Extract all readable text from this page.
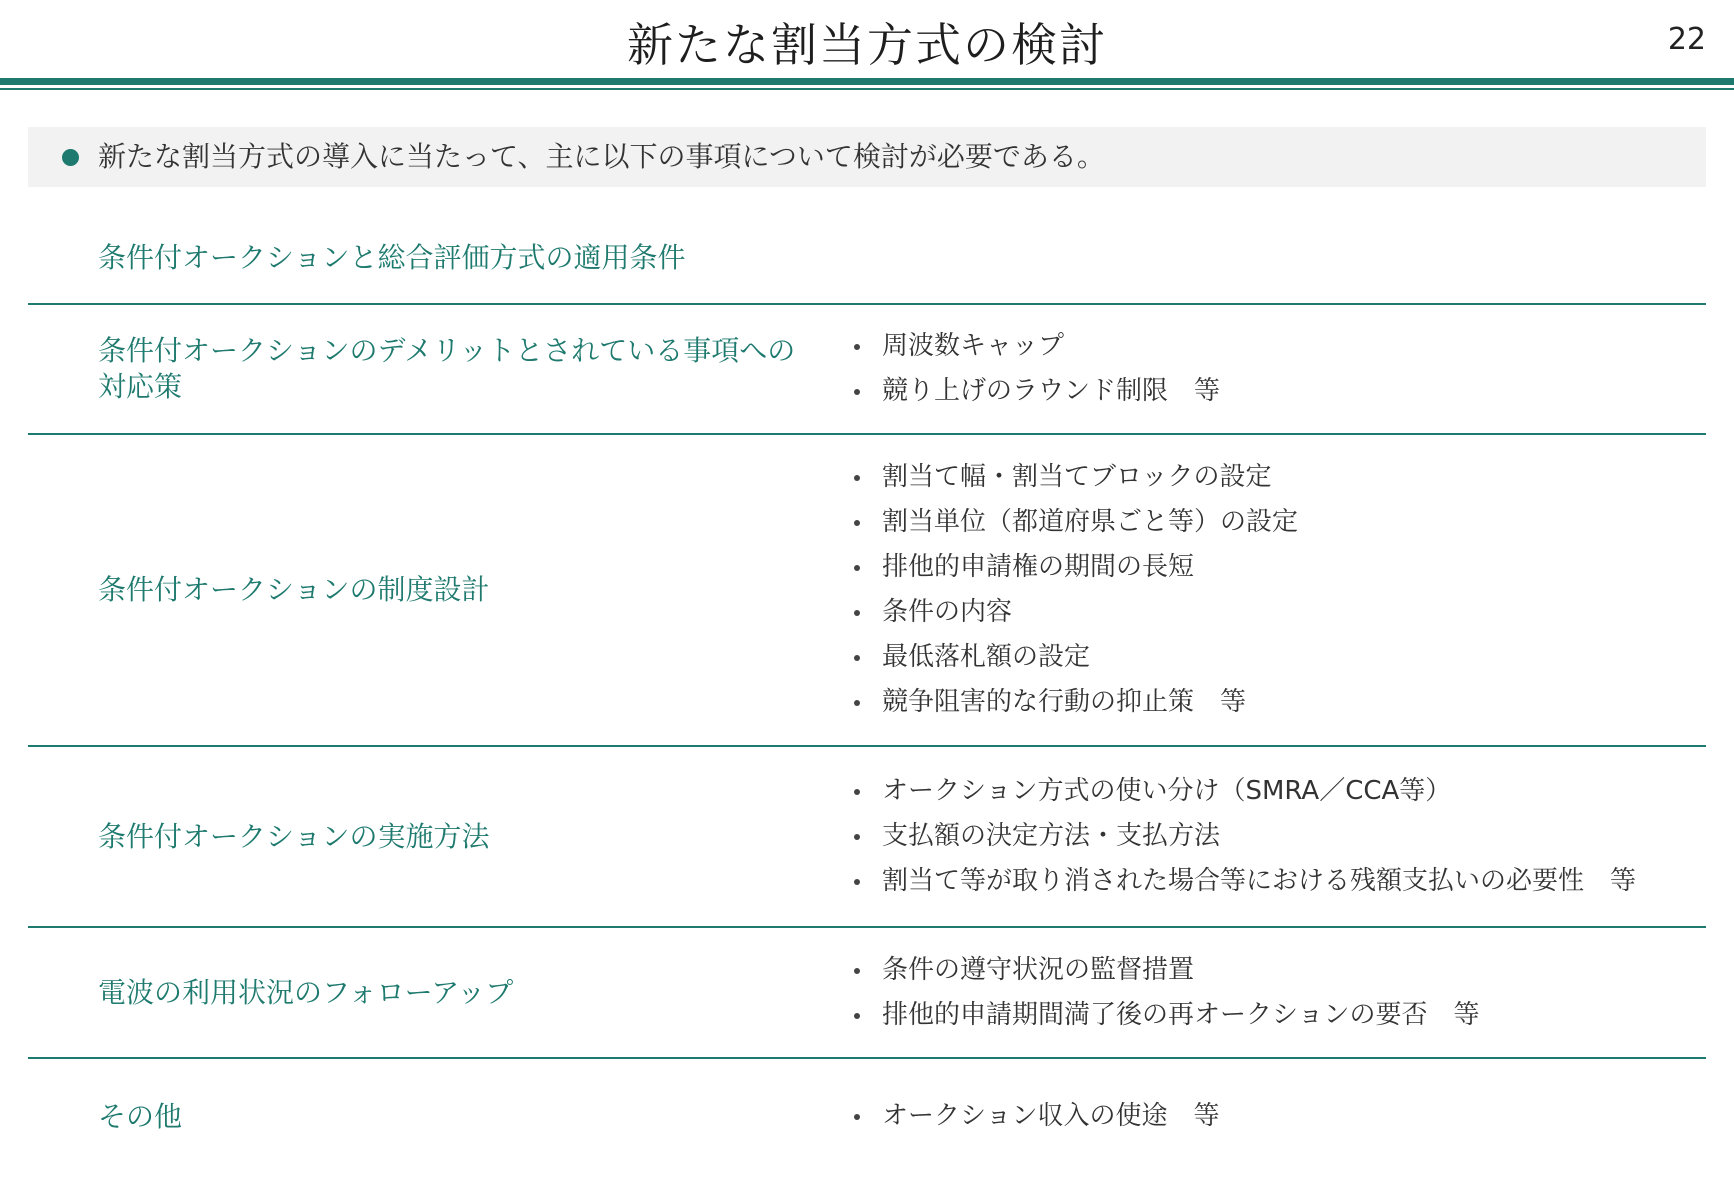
新たな割当方式の検討	22
新たな割当方式の導入に当たって、主に以下の事項について検討が必要である。
条件付オークションと総合評価方式の適用条件
条件付オークションのデメリットとされている事項への対応策
周波数キャップ
競り上げのラウンド制限　等
条件付オークションの制度設計
割当て幅・割当てブロックの設定
割当単位（都道府県ごと等）の設定
排他的申請権の期間の長短
条件の内容
最低落札額の設定
競争阻害的な行動の抑止策　等
条件付オークションの実施方法
オークション方式の使い分け（SMRA／CCA等）
支払額の決定方法・支払方法
割当て等が取り消された場合等における残額支払いの必要性　等
電波の利用状況のフォローアップ
条件の遵守状況の監督措置
排他的申請期間満了後の再オークションの要否　等
その他	オークション収入の使途　等
